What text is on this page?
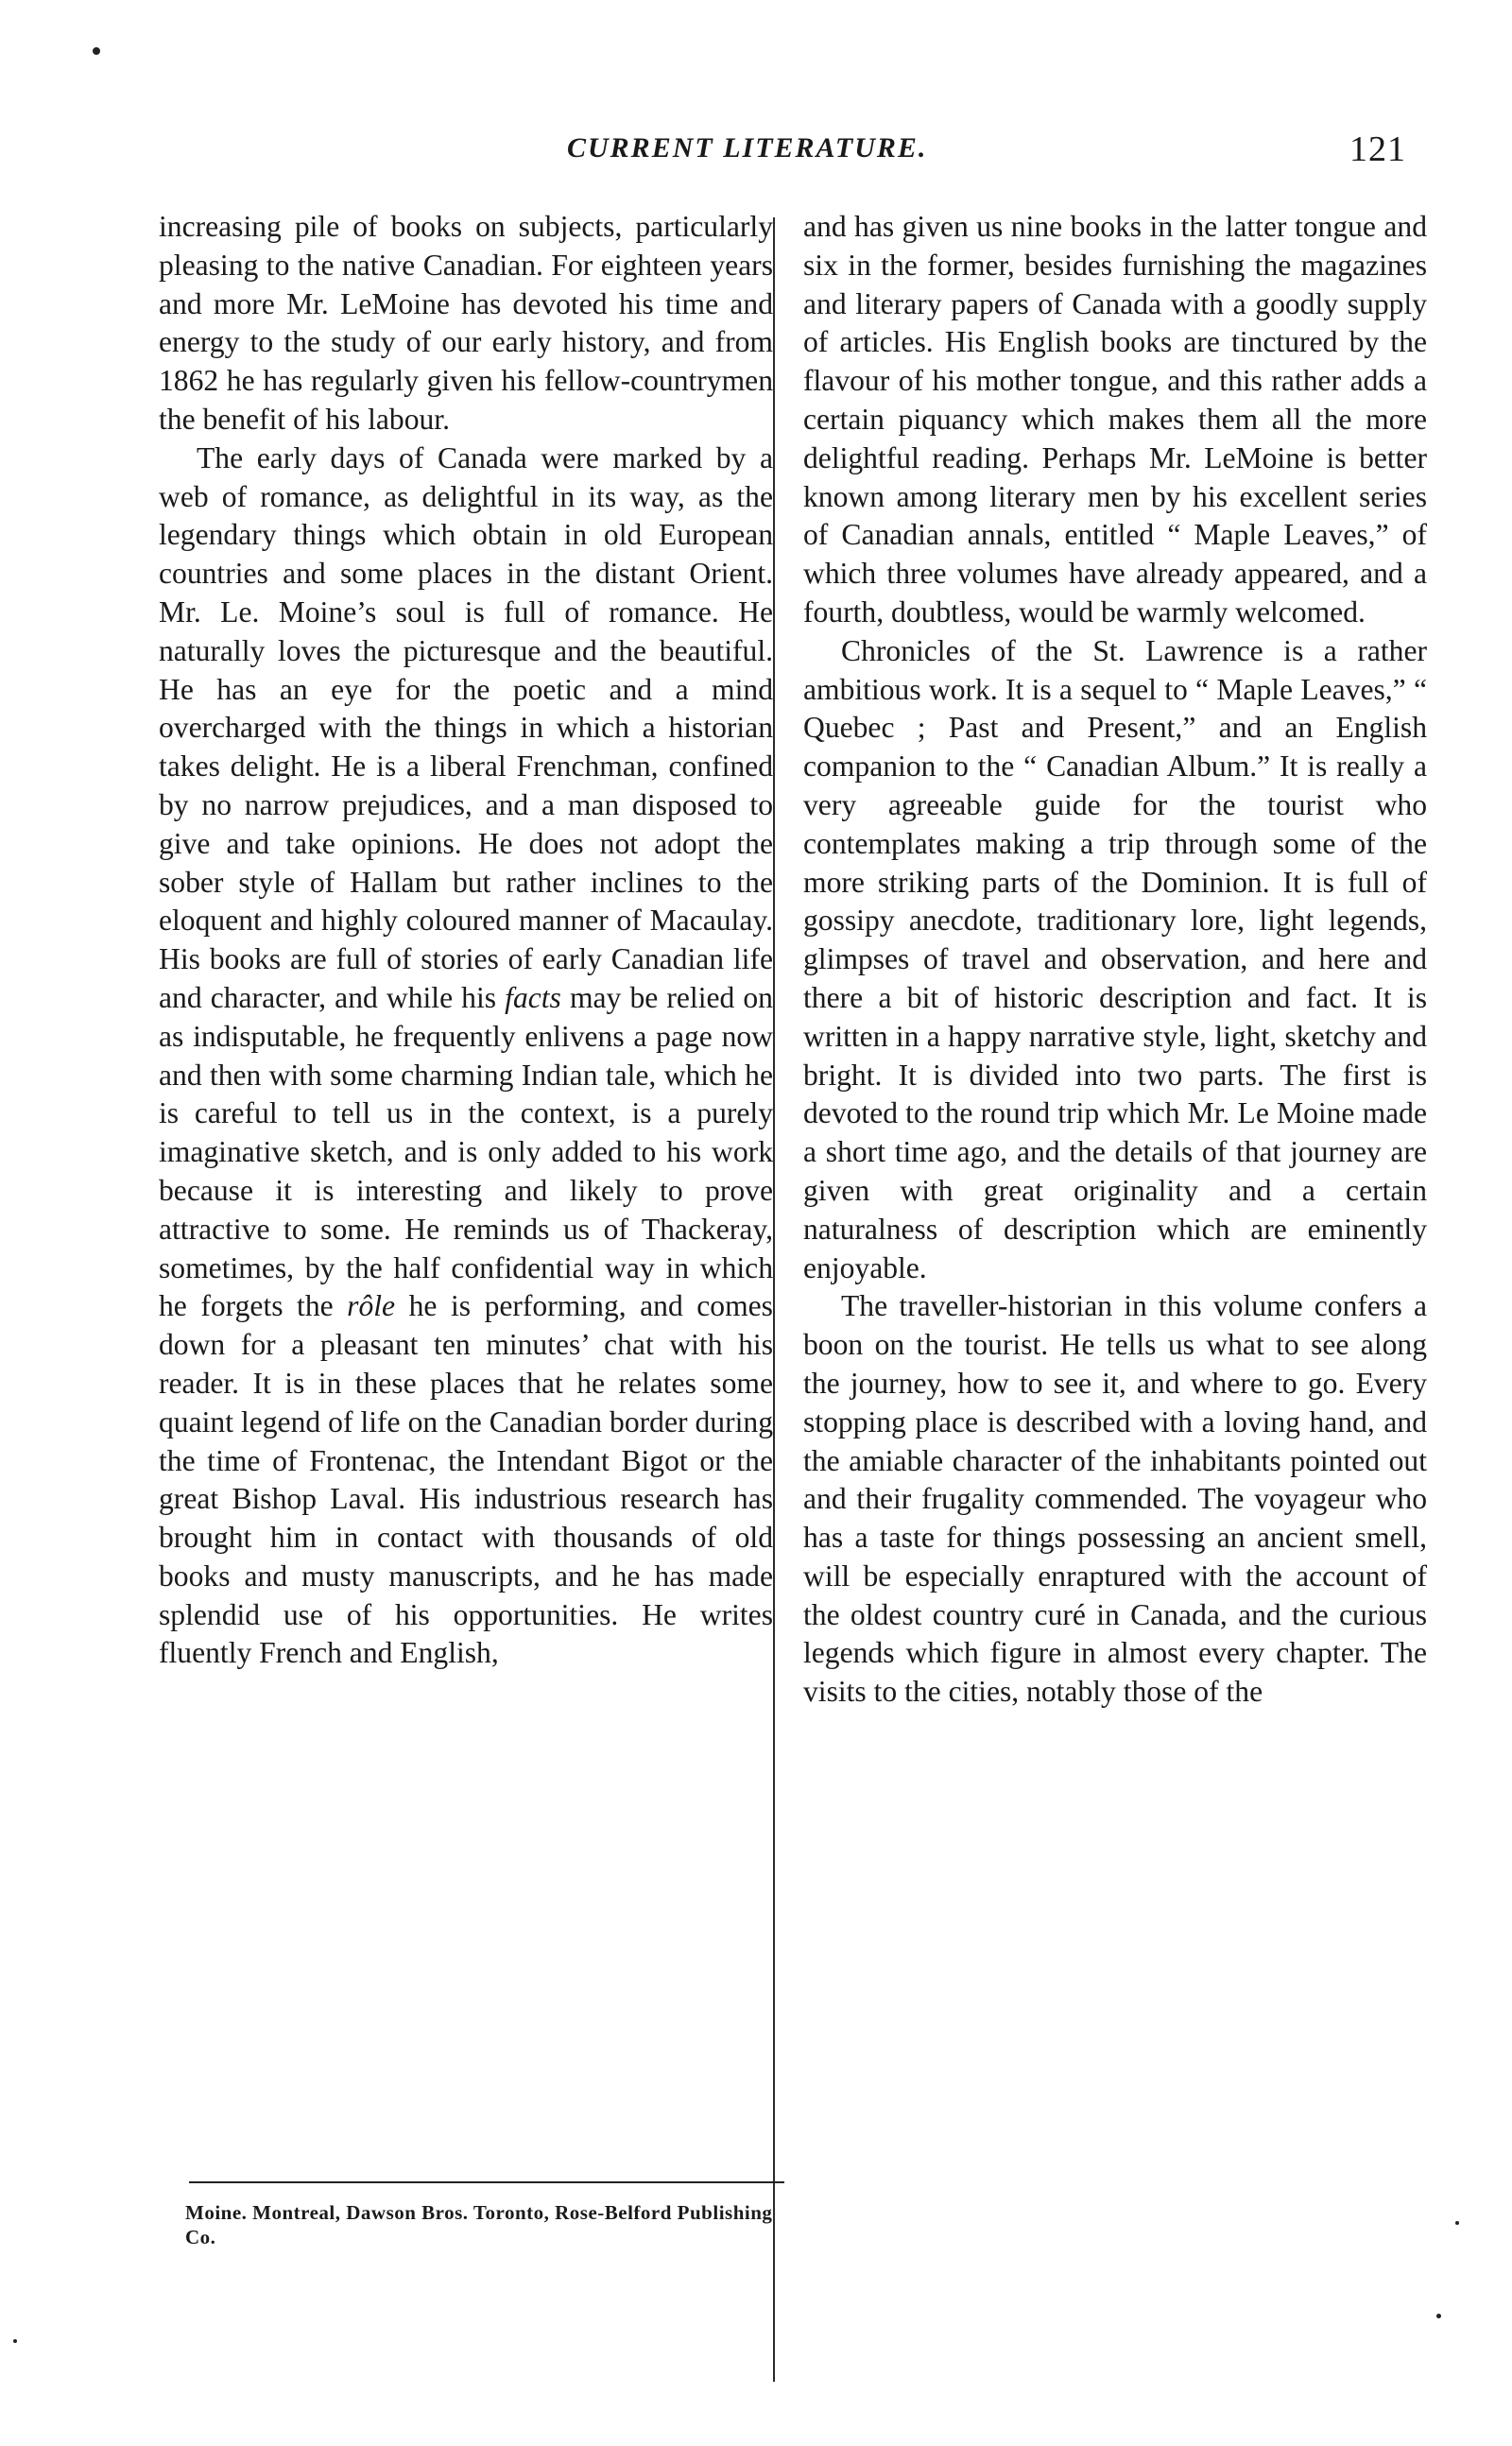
CURRENT LITERATURE.	121

increasing pile of books on subjects, particularly pleasing to the native Canadian. For eighteen years and more Mr. LeMoine has devoted his time and energy to the study of our early history, and from 1862 he has regularly given his fellow-countrymen the benefit of his labour.

The early days of Canada were marked by a web of romance, as delightful in its way, as the legendary things which obtain in old European countries and some places in the distant Orient. Mr. Le. Moine’s soul is full of romance. He naturally loves the picturesque and the beautiful. He has an eye for the poetic and a mind overcharged with the things in which a historian takes delight. He is a liberal Frenchman, confined by no narrow prejudices, and a man disposed to give and take opinions. He does not adopt the sober style of Hallam but rather inclines to the eloquent and highly coloured manner of Macaulay. His books are full of stories of early Canadian life and character, and while his facts may be relied on as indisputable, he frequently enlivens a page now and then with some charming Indian tale, which he is careful to tell us in the context, is a purely imaginative sketch, and is only added to his work because it is interesting and likely to prove attractive to some. He reminds us of Thackeray, sometimes, by the half confidential way in which he forgets the rôle he is performing, and comes down for a pleasant ten minutes’ chat with his reader. It is in these places that he relates some quaint legend of life on the Canadian border during the time of Frontenac, the Intendant Bigot or the great Bishop Laval. His industrious research has brought him in contact with thousands of old books and musty manuscripts, and he has made splendid use of his opportunities. He writes fluently French and English,

and has given us nine books in the latter tongue and six in the former, besides furnishing the magazines and literary papers of Canada with a goodly supply of articles. His English books are tinctured by the flavour of his mother tongue, and this rather adds a certain piquancy which makes them all the more delightful reading. Perhaps Mr. LeMoine is better known among literary men by his excellent series of Canadian annals, entitled “ Maple Leaves,” of which three volumes have already appeared, and a fourth, doubtless, would be warmly welcomed.

Chronicles of the St. Lawrence is a rather ambitious work. It is a sequel to “ Maple Leaves,” “ Quebec ; Past and Present,” and an English companion to the “ Canadian Album.” It is really a very agreeable guide for the tourist who contemplates making a trip through some of the more striking parts of the Dominion. It is full of gossipy anecdote, traditionary lore, light legends, glimpses of travel and observation, and here and there a bit of historic description and fact. It is written in a happy narrative style, light, sketchy and bright. It is divided into two parts. The first is devoted to the round trip which Mr. Le Moine made a short time ago, and the details of that journey are given with great originality and a certain naturalness of description which are eminently enjoyable.

The traveller-historian in this volume confers a boon on the tourist. He tells us what to see along the journey, how to see it, and where to go. Every stopping place is described with a loving hand, and the amiable character of the inhabitants pointed out and their frugality commended. The voyageur who has a taste for things possessing an ancient smell, will be especially enraptured with the account of the oldest country curé in Canada, and the curious legends which figure in almost every chapter. The visits to the cities, notably those of the

Moine. Montreal, Dawson Bros. Toronto, Rose-Belford Publishing Co.
